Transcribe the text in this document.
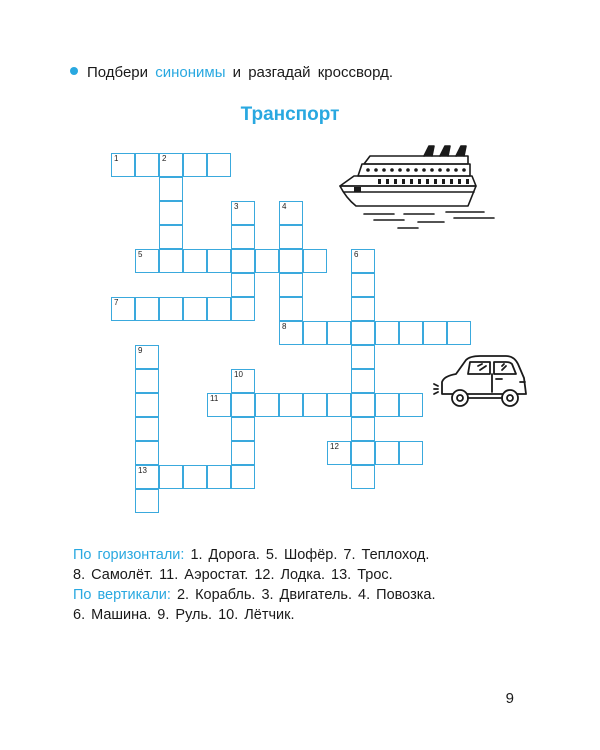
Подбери синонимы и разгадай кроссворд.
Транспорт
1	2
3	4
8
5	6
7
9
13
10
11
12

По горизонтали: 1. Дорога. 5. Шофёр. 7. Теплоход.

8. Самолёт. 11. Аэростат. 12. Лодка. 13. Трос.

По вертикали: 2. Корабль. 3. Двигатель. 4. Повозка.

6. Машина. 9. Руль. 10. Лётчик.

9
